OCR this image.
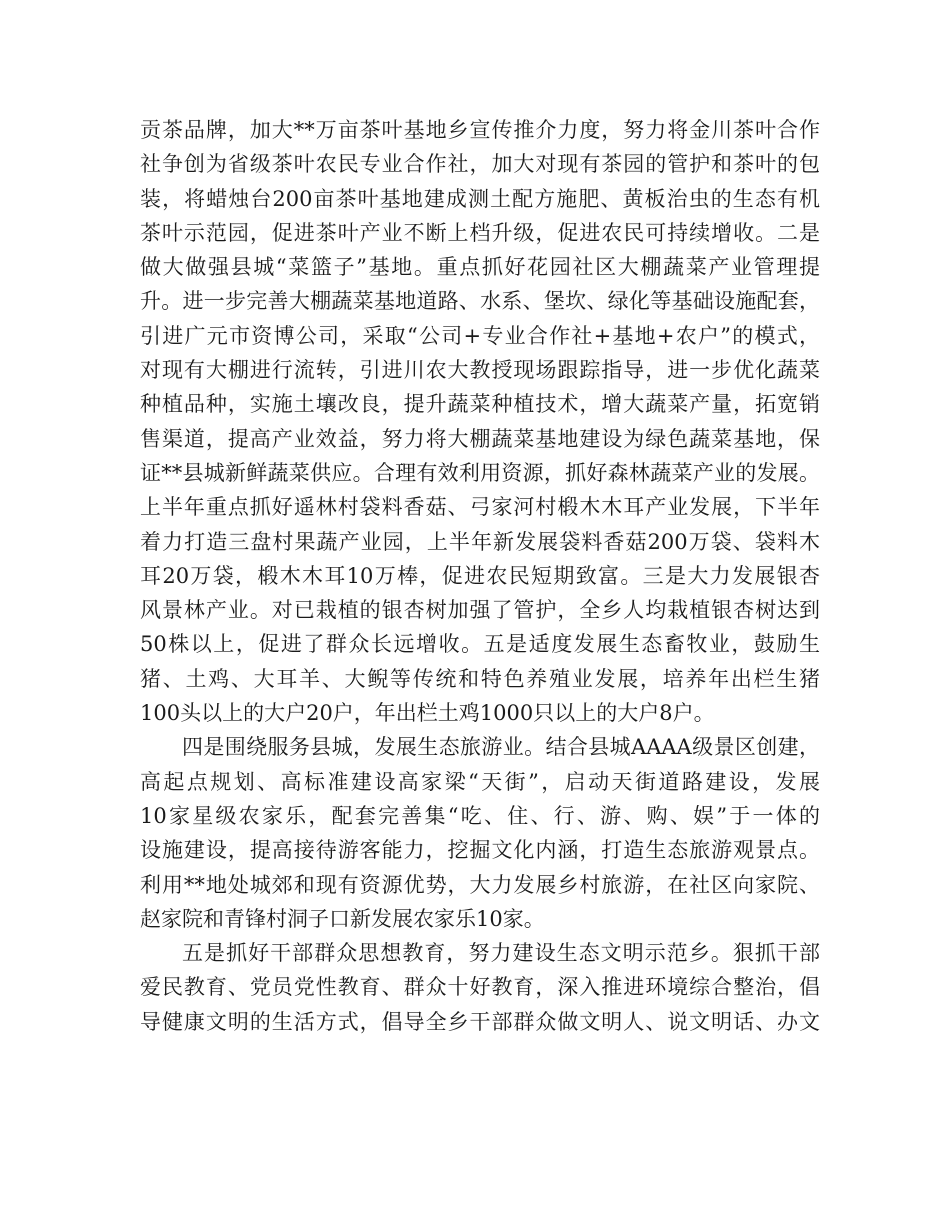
贡茶品牌，加大**万亩茶叶基地乡宣传推介力度，努力将金川茶叶合作
社争创为省级茶叶农民专业合作社，加大对现有茶园的管护和茶叶的包
装，将蜡烛台200亩茶叶基地建成测土配方施肥、黄板治虫的生态有机
茶叶示范园，促进茶叶产业不断上档升级，促进农民可持续增收。二是
做大做强县城“菜篮子”基地。重点抓好花园社区大棚蔬菜产业管理提
升。进一步完善大棚蔬菜基地道路、水系、堡坎、绿化等基础设施配套，
引进广元市资博公司，采取“公司+专业合作社+基地+农户”的模式，
对现有大棚进行流转，引进川农大教授现场跟踪指导，进一步优化蔬菜
种植品种，实施土壤改良，提升蔬菜种植技术，增大蔬菜产量，拓宽销
售渠道，提高产业效益，努力将大棚蔬菜基地建设为绿色蔬菜基地，保
证**县城新鲜蔬菜供应。合理有效利用资源，抓好森林蔬菜产业的发展。
上半年重点抓好遥林村袋料香菇、弓家河村椴木木耳产业发展，下半年
着力打造三盘村果蔬产业园，上半年新发展袋料香菇200万袋、袋料木
耳20万袋，椴木木耳10万棒，促进农民短期致富。三是大力发展银杏
风景林产业。对已栽植的银杏树加强了管护，全乡人均栽植银杏树达到
50株以上，促进了群众长远增收。五是适度发展生态畜牧业，鼓励生
猪、土鸡、大耳羊、大鲵等传统和特色养殖业发展，培养年出栏生猪
100头以上的大户20户，年出栏土鸡1000只以上的大户8户。
四是围绕服务县城，发展生态旅游业。结合县城AAAA级景区创建，
高起点规划、高标准建设高家梁“天街”，启动天街道路建设，发展
10家星级农家乐，配套完善集“吃、住、行、游、购、娱”于一体的
设施建设，提高接待游客能力，挖掘文化内涵，打造生态旅游观景点。
利用**地处城郊和现有资源优势，大力发展乡村旅游，在社区向家院、
赵家院和青锋村洞子口新发展农家乐10家。
五是抓好干部群众思想教育，努力建设生态文明示范乡。狠抓干部
爱民教育、党员党性教育、群众十好教育，深入推进环境综合整治，倡
导健康文明的生活方式，倡导全乡干部群众做文明人、说文明话、办文
